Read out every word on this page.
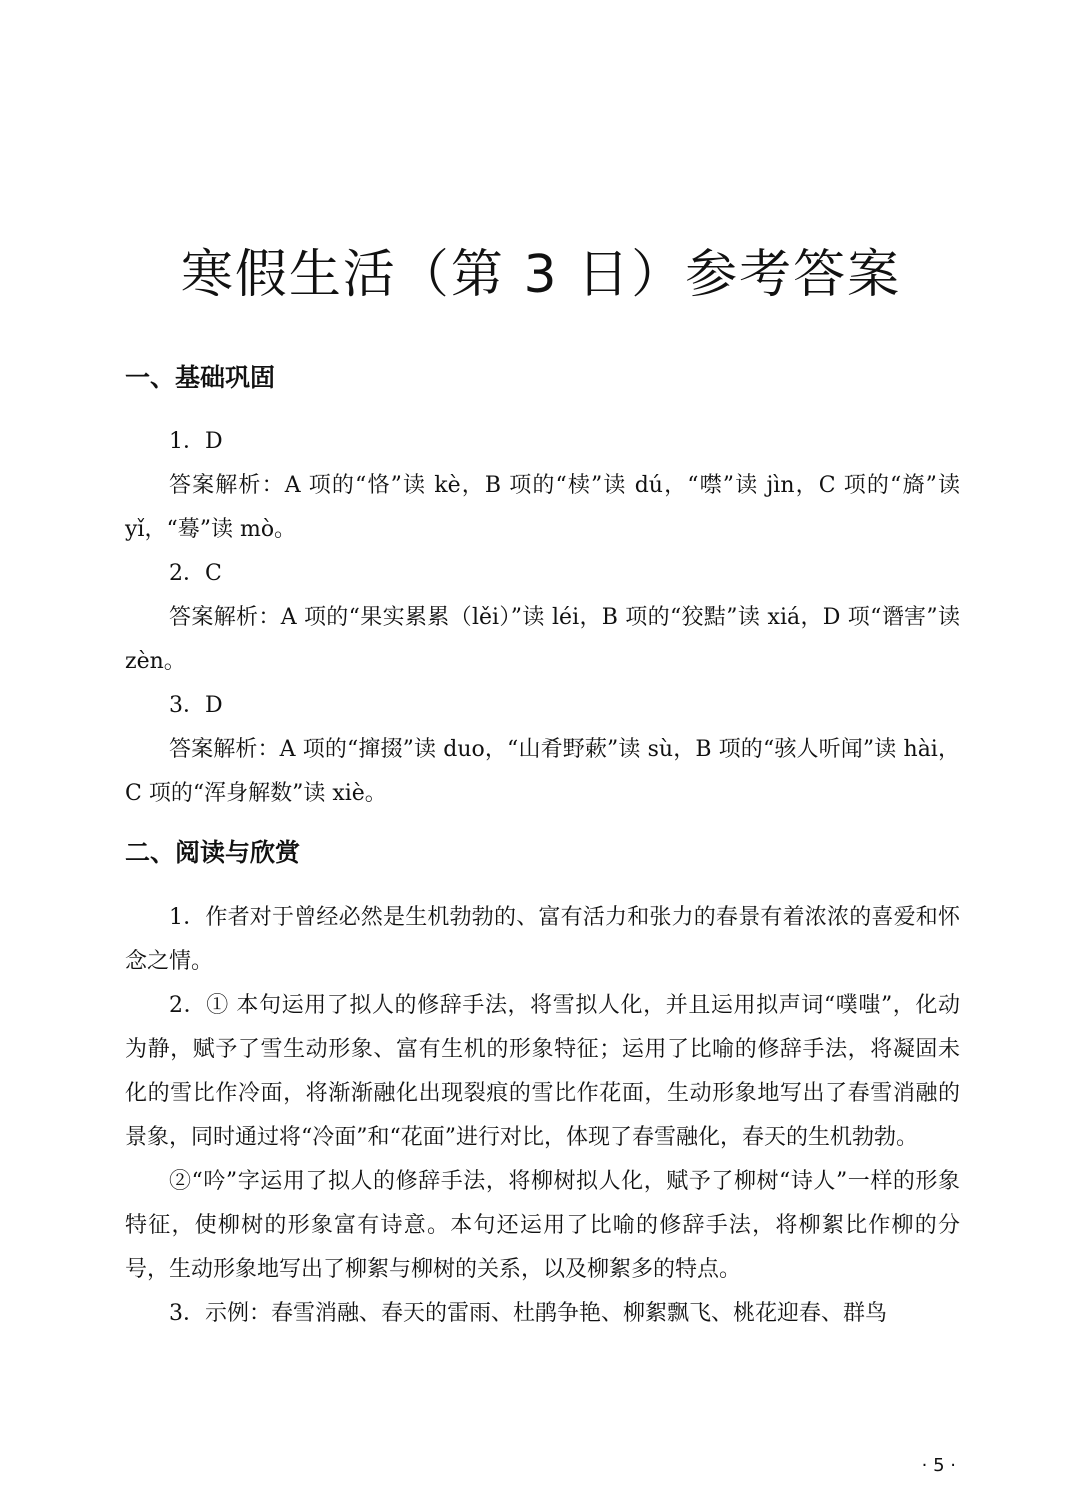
寒假生活（第 3 日）参考答案
一、基础巩固

1．D

答案解析：A 项的“恪”读 kè，B 项的“椟”读 dú，“噤”读 jìn，C 项的“旖”读 yǐ，“蓦”读 mò。

2．C

答案解析：A 项的“果实累累（lěi）”读 léi，B 项的“狡黠”读 xiá，D 项“谮害”读 zèn。

3．D

答案解析：A 项的“撺掇”读 duo，“山肴野蔌”读 sù，B 项的“骇人听闻”读 hài，C 项的“浑身解数”读 xiè。

二、阅读与欣赏

1．作者对于曾经必然是生机勃勃的、富有活力和张力的春景有着浓浓的喜爱和怀念之情。

2．① 本句运用了拟人的修辞手法，将雪拟人化，并且运用拟声词“噗嗤”，化动为静，赋予了雪生动形象、富有生机的形象特征；运用了比喻的修辞手法，将凝固未化的雪比作冷面，将渐渐融化出现裂痕的雪比作花面，生动形象地写出了春雪消融的景象，同时通过将“冷面”和“花面”进行对比，体现了春雪融化，春天的生机勃勃。

②“吟”字运用了拟人的修辞手法，将柳树拟人化，赋予了柳树“诗人”一样的形象特征，使柳树的形象富有诗意。本句还运用了比喻的修辞手法，将柳絮比作柳的分号，生动形象地写出了柳絮与柳树的关系，以及柳絮多的特点。

3．示例：春雪消融、春天的雷雨、杜鹃争艳、柳絮飘飞、桃花迎春、群鸟

· 5 ·
